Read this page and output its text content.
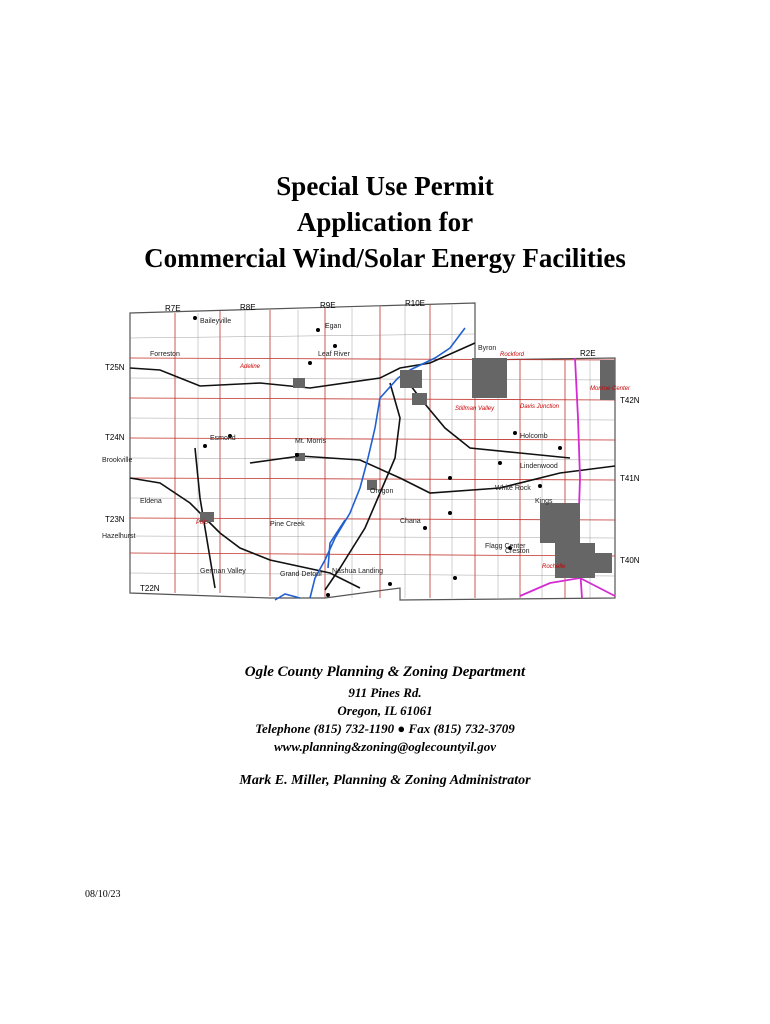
Special Use Permit
Application for
Commercial Wind/Solar Energy Facilities
R7E	R8E	R9E	R10E
R2E
T25N
T24N
T23N
T22N
T42N
T41N
T40N
Rockford
Byron
Oregon
Mt. Morris
Polo
Forreston
Rochelle
Stillman Valley	Davis Junction
Monroe Center
Leaf River
Creston
Kings
Chana
Grand Detour
Lindenwood
Egan
Adeline
Baileyville
Eldena
Hazelhurst
Brookville
German Valley
Esmond	Holcomb
Nashua Landing
White Rock
Flagg Center
Pine Creek
Ogle County Planning & Zoning Department
911 Pines Rd.
Oregon, IL 61061
Telephone (815) 732-1190 ● Fax (815) 732-3709
www.planning&zoning@oglecountyil.gov
Mark E. Miller, Planning & Zoning Administrator
08/10/23
